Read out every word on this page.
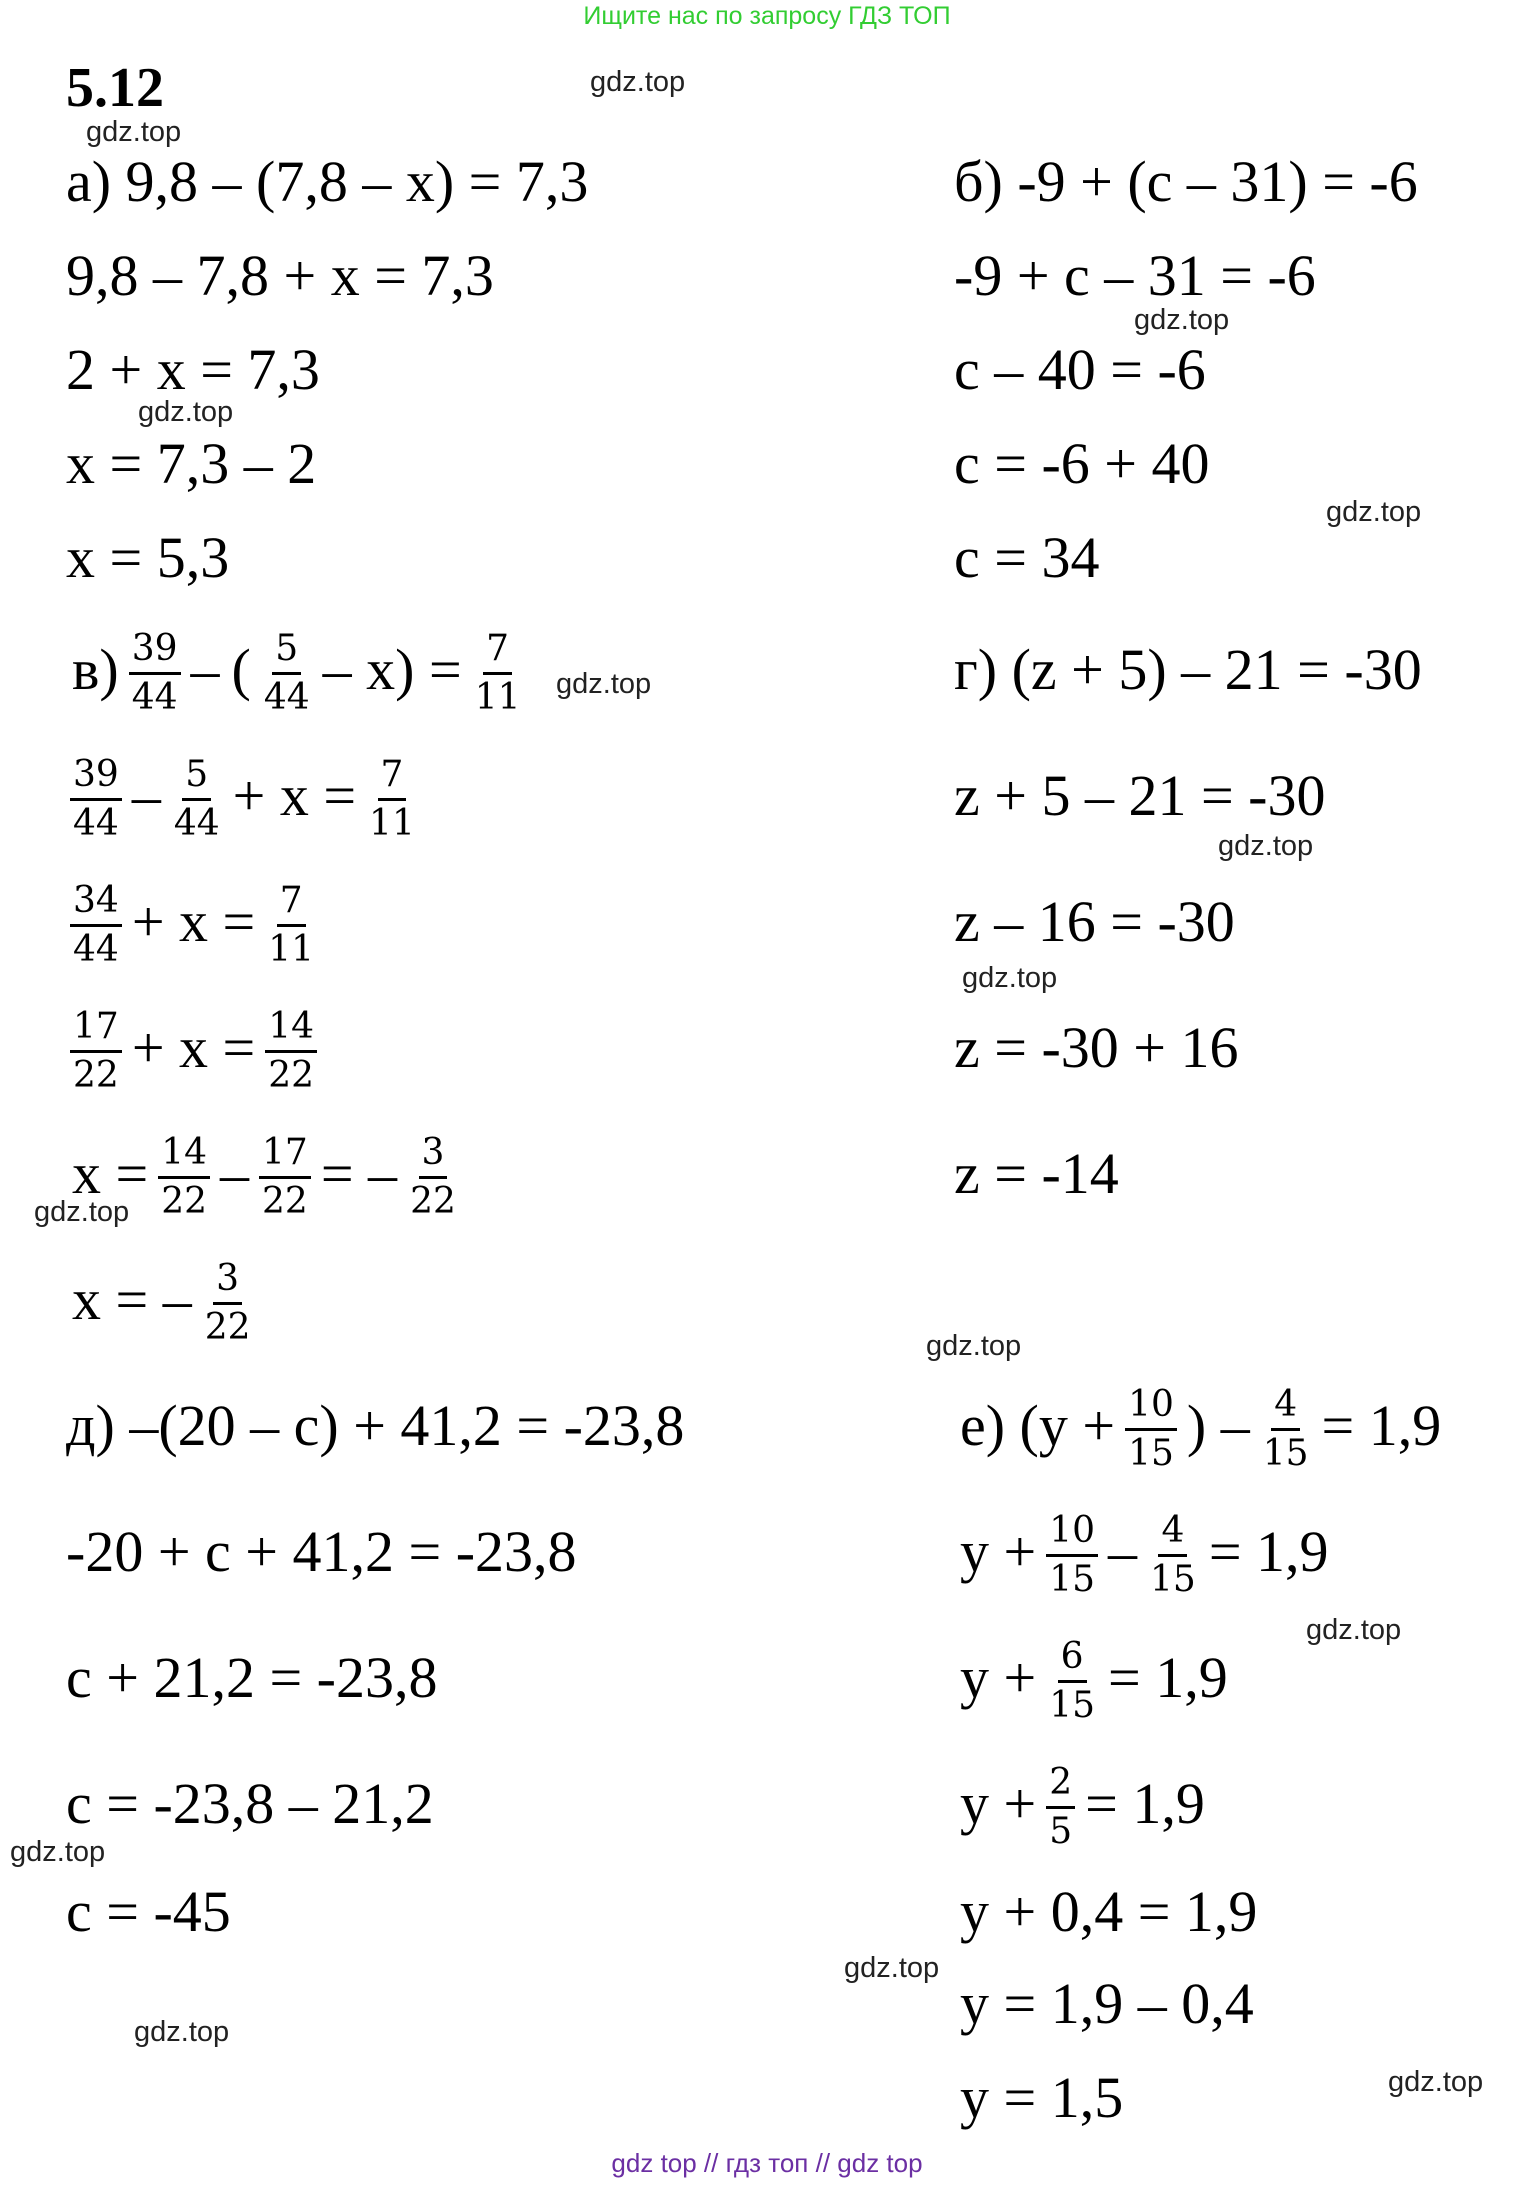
Ищите нас по запросу ГДЗ ТОП
5.12	gdz.top
gdz.top
gdz.top
gdz.top
gdz.top
gdz.top
gdz.top
gdz.top
gdz.top
gdz.top
gdz.top
gdz.top
gdz.top
gdz.top
gdz.top
а) 9,8 – (7,8 – x) = 7,3
9,8 – 7,8 + x = 7,3
2 + x = 7,3
x = 7,3 – 2
x = 5,3
б) -9 + (c – 31) = -6
-9 + c – 31 = -6
c – 40 = -6
c = -6 + 40
c = 34
$в) \frac{39}{44}$ – ( $\frac{5}{44} - x) = \frac{7}{11}$
$\frac{39}{44} - \frac{5}{44} + x = \frac{7}{11}$
$\frac{34}{44} + x = \frac{7}{11}$
$\frac{17}{22} + x = \frac{14}{22}$
$x = \frac{14}{22} - \frac{17}{22}$ = – $\frac{3}{22}$
x = – $\frac{3}{22}$
г) (z + 5) – 21 = -30
z + 5 – 21 = -30
z – 16 = -30
z = -30 + 16
z = -14
д) –(20 – c) + 41,2 = -23,8
-20 + c + 41,2 = -23,8
c + 21,2 = -23,8
c = -23,8 – 21,2
c = -45
е) ($y + \frac{10}{15}$ ) – $\frac{4}{15} = 1,9$
$y + \frac{10}{15} - \frac{4}{15} = 1,9$
$y + \frac{6}{15} = 1,9$
$y + \frac{2}{5} = 1,9$
y + 0,4 = 1,9
y = 1,9 – 0,4
y = 1,5
gdz top // гдз топ // gdz top
